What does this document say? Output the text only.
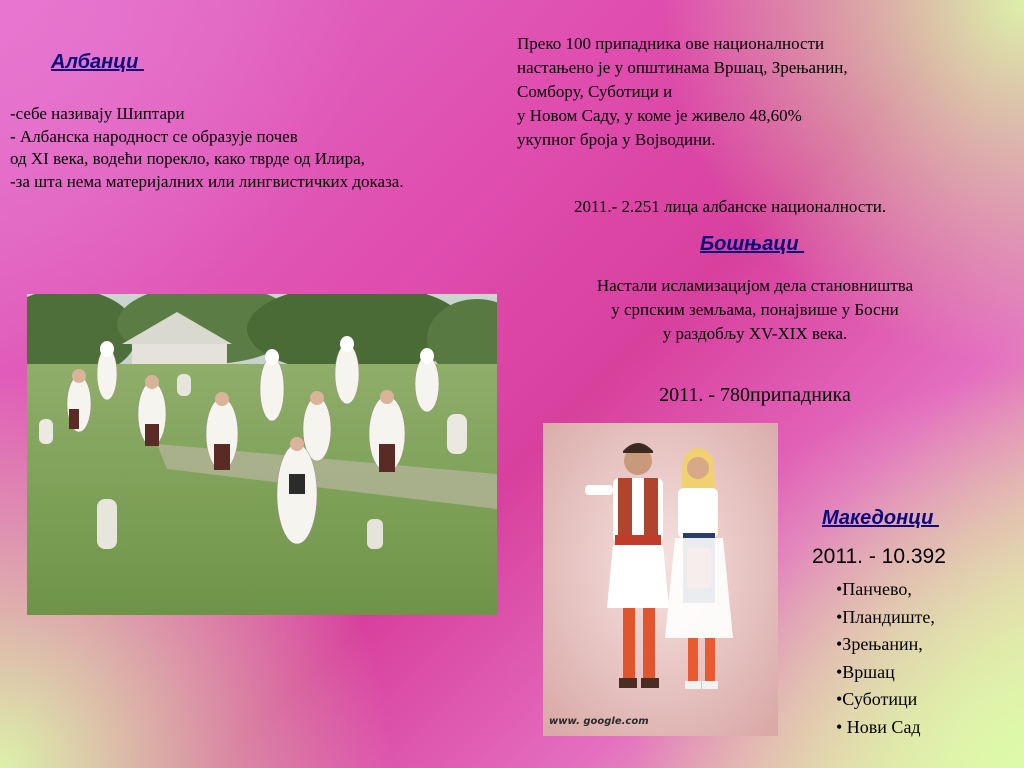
Албанци
-себе називају Шиптари
- Албанска народност се образује почев
од XI века, водећи порекло, како тврде од Илира,
-за шта нема материјалних или лингвистичких доказа.
Преко 100 припадника ове националности
настањено је у општинама Вршац, Зрењанин,
Сомбору, Суботици и
у Новом Саду, у коме је живело 48,60%
укупног броја у Војводини.
2011.- 2.251 лица албанске националности.
Бошњаци
Настали исламизацијом дела становништва
у српским земљама, понајвише у Босни
у раздобљу XV-XIX века.
2011. - 780припадника
Македонци
2011. - 10.392
•Панчево,
•Пландиште,
•Зрењанин,
•Вршац
•Суботици
• Нови Сад
www. google.com
